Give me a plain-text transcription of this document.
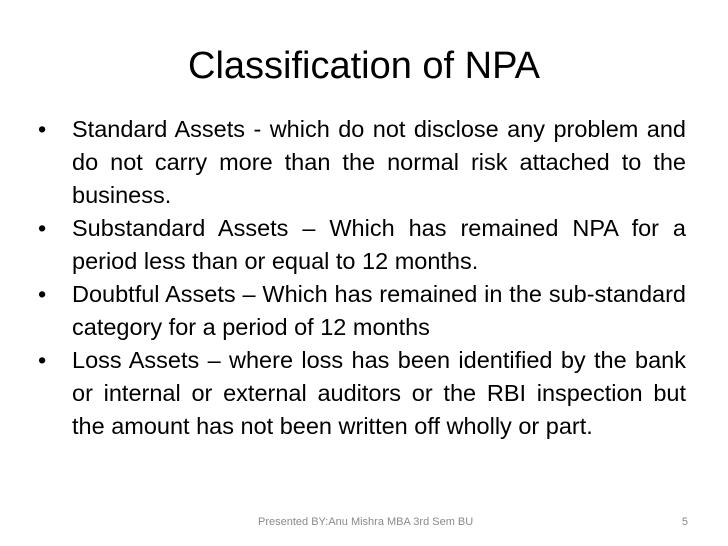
Classification of NPA
•	Standard Assets - which do not disclose any problem and do not carry more than the normal risk attached to the business.
•	Substandard Assets – Which has remained NPA for a period less than or equal to 12 months.
•	Doubtful Assets – Which has remained in the sub-standard category for a period of 12 months
•	Loss Assets – where loss has been identified by the bank or internal or external auditors or the RBI inspection but the amount has not been written off wholly or part.
Presented BY:Anu Mishra MBA 3rd Sem BU	5
